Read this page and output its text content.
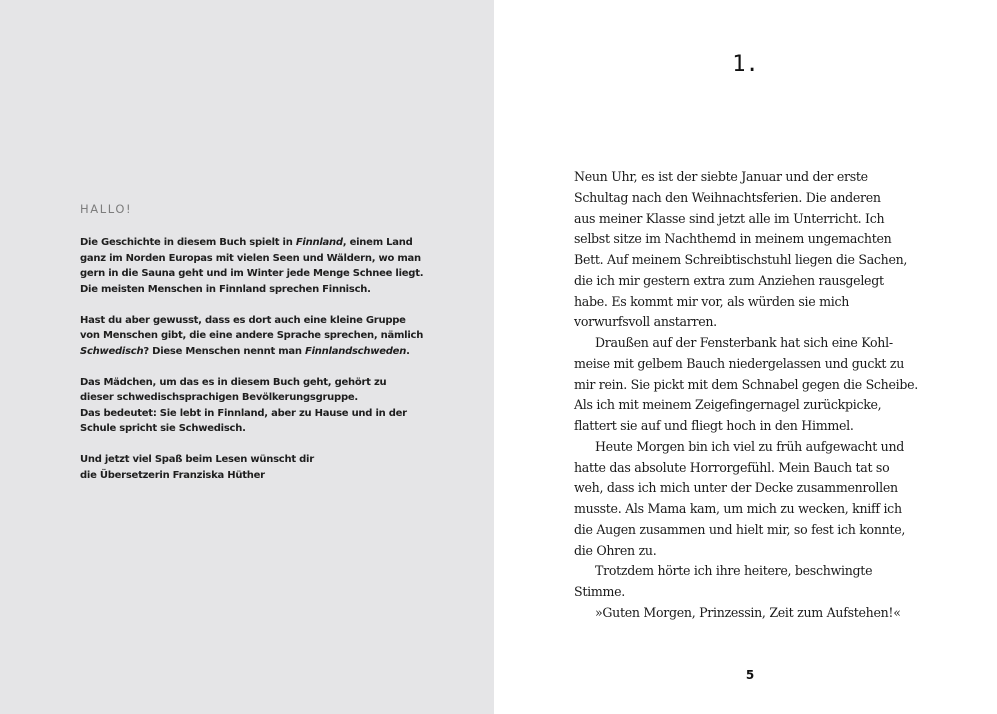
HALLO!

Die Geschichte in diesem Buch spielt in Finnland, einem Land
ganz im Norden Europas mit vielen Seen und Wäldern, wo man
gern in die Sauna geht und im Winter jede Menge Schnee liegt.
Die meisten Menschen in Finnland sprechen Finnisch.

Hast du aber gewusst, dass es dort auch eine kleine Gruppe
von Menschen gibt, die eine andere Sprache sprechen, nämlich
Schwedisch? Diese Menschen nennt man Finnlandschweden.

Das Mädchen, um das es in diesem Buch geht, gehört zu
dieser schwedischsprachigen Bevölkerungsgruppe.
Das bedeutet: Sie lebt in Finnland, aber zu Hause und in der
Schule spricht sie Schwedisch.

Und jetzt viel Spaß beim Lesen wünscht dir
die Übersetzerin Franziska Hüther

1.
Neun Uhr, es ist der siebte Januar und der erste
Schultag nach den Weihnachtsferien. Die anderen
aus meiner Klasse sind jetzt alle im Unterricht. Ich
selbst sitze im Nachthemd in meinem ungemachten
Bett. Auf meinem Schreibtischstuhl liegen die Sachen,
die ich mir gestern extra zum Anziehen rausgelegt
habe. Es kommt mir vor, als würden sie mich
vorwurfsvoll anstarren.
Draußen auf der Fensterbank hat sich eine Kohl-
meise mit gelbem Bauch niedergelassen und guckt zu
mir rein. Sie pickt mit dem Schnabel gegen die Scheibe.
Als ich mit meinem Zeigefingernagel zurückpicke,
flattert sie auf und fliegt hoch in den Himmel.
Heute Morgen bin ich viel zu früh aufgewacht und
hatte das absolute Horrorgefühl. Mein Bauch tat so
weh, dass ich mich unter der Decke zusammenrollen
musste. Als Mama kam, um mich zu wecken, kniff ich
die Augen zusammen und hielt mir, so fest ich konnte,
die Ohren zu.
Trotzdem hörte ich ihre heitere, beschwingte
Stimme.
»Guten Morgen, Prinzessin, Zeit zum Aufstehen!«
5
